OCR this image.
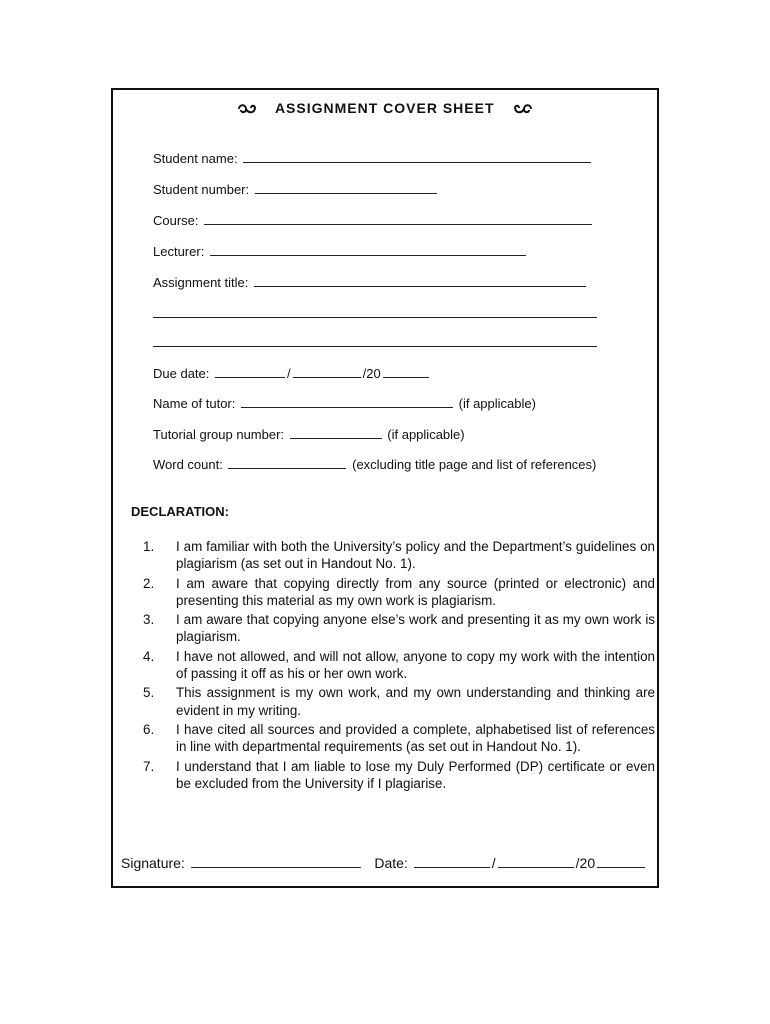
ASSIGNMENT COVER SHEET
Student name:
Student number:
Course:
Lecturer:
Assignment title:
Due date:	/	/20
Name of tutor:	(if applicable)
Tutorial group number:	(if applicable)
Word count:	(excluding title page and list of references)
DECLARATION:
1. I am familiar with both the University’s policy and the Department’s guidelines on plagiarism (as set out in Handout No. 1).
2. I am aware that copying directly from any source (printed or electronic) and presenting this material as my own work is plagiarism.
3. I am aware that copying anyone else’s work and presenting it as my own work is plagiarism.
4. I have not allowed, and will not allow, anyone to copy my work with the intention of passing it off as his or her own work.
5. This assignment is my own work, and my own understanding and thinking are evident in my writing.
6. I have cited all sources and provided a complete, alphabetised list of references in line with departmental requirements (as set out in Handout No. 1).
7. I understand that I am liable to lose my Duly Performed (DP) certificate or even be excluded from the University if I plagiarise.
Signature:	Date:	/	/20
